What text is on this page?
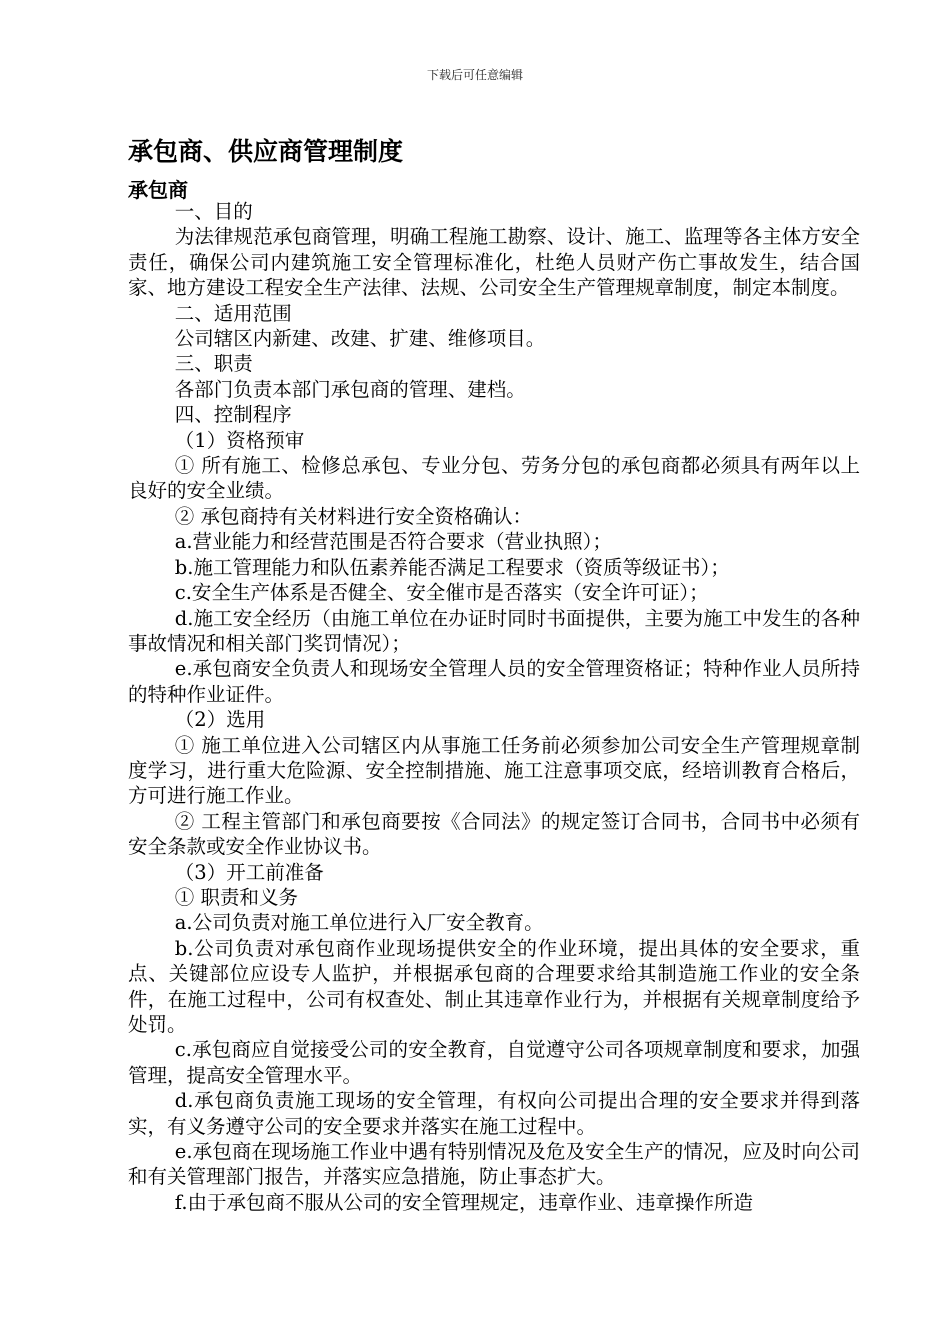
下载后可任意编辑
承包商、供应商管理制度
承包商

一、目的

为法律规范承包商管理，明确工程施工勘察、设计、施工、监理等各主体方安全责任，确保公司内建筑施工安全管理标准化，杜绝人员财产伤亡事故发生，结合国家、地方建设工程安全生产法律、法规、公司安全生产管理规章制度，制定本制度。

二、适用范围

公司辖区内新建、改建、扩建、维修项目。

三、职责

各部门负责本部门承包商的管理、建档。

四、控制程序

（1）资格预审

① 所有施工、检修总承包、专业分包、劳务分包的承包商都必须具有两年以上良好的安全业绩。

② 承包商持有关材料进行安全资格确认：

a.营业能力和经营范围是否符合要求（营业执照）；

b.施工管理能力和队伍素养能否满足工程要求（资质等级证书）；

c.安全生产体系是否健全、安全催市是否落实（安全许可证）；

d.施工安全经历（由施工单位在办证时同时书面提供，主要为施工中发生的各种事故情况和相关部门奖罚情况）；

e.承包商安全负责人和现场安全管理人员的安全管理资格证；特种作业人员所持的特种作业证件。

（2）选用

① 施工单位进入公司辖区内从事施工任务前必须参加公司安全生产管理规章制度学习，进行重大危险源、安全控制措施、施工注意事项交底，经培训教育合格后，方可进行施工作业。

② 工程主管部门和承包商要按《合同法》的规定签订合同书，合同书中必须有安全条款或安全作业协议书。

（3）开工前准备

① 职责和义务

a.公司负责对施工单位进行入厂安全教育。

b.公司负责对承包商作业现场提供安全的作业环境，提出具体的安全要求，重点、关键部位应设专人监护，并根据承包商的合理要求给其制造施工作业的安全条件，在施工过程中，公司有权查处、制止其违章作业行为，并根据有关规章制度给予处罚。

c.承包商应自觉接受公司的安全教育，自觉遵守公司各项规章制度和要求，加强管理，提高安全管理水平。

d.承包商负责施工现场的安全管理，有权向公司提出合理的安全要求并得到落实，有义务遵守公司的安全要求并落实在施工过程中。

e.承包商在现场施工作业中遇有特别情况及危及安全生产的情况，应及时向公司和有关管理部门报告，并落实应急措施，防止事态扩大。

f.由于承包商不服从公司的安全管理规定，违章作业、违章操作所造
